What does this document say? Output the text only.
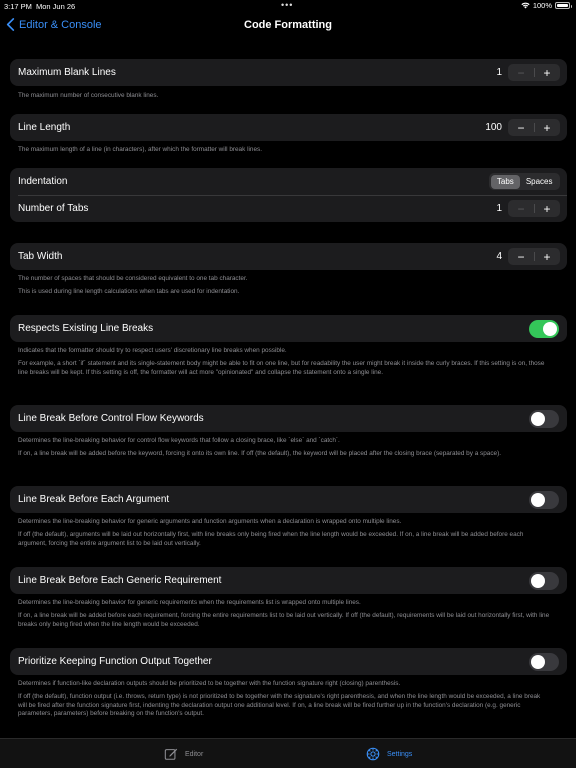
3:17 PM Mon Jun 26	•••	100%
Editor & Console	Code Formatting
Maximum Blank Lines	1	−	+

The maximum number of consecutive blank lines.

Line Length	100	−	+

The maximum length of a line (in characters), after which the formatter will break lines.

Indentation	Tabs	Spaces
Number of Tabs	1	−	+
Tab Width	4	−	+

The number of spaces that should be considered equivalent to one tab character.

This is used during line length calculations when tabs are used for indentation.

Respects Existing Line Breaks

Indicates that the formatter should try to respect users' discretionary line breaks when possible.

For example, a short `if` statement and its single-statement body might be able to fit on one line, but for readability the user might break it inside the curly braces. If this setting is on, those line breaks will be kept. If this setting is off, the formatter will act more "opinionated" and collapse the statement onto a single line.

Line Break Before Control Flow Keywords

Determines the line-breaking behavior for control flow keywords that follow a closing brace, like `else` and `catch`.

If on, a line break will be added before the keyword, forcing it onto its own line. If off (the default), the keyword will be placed after the closing brace (separated by a space).

Line Break Before Each Argument

Determines the line-breaking behavior for generic arguments and function arguments when a declaration is wrapped onto multiple lines.

If off (the default), arguments will be laid out horizontally first, with line breaks only being fired when the line length would be exceeded. If on, a line break will be added before each argument, forcing the entire argument list to be laid out vertically.

Line Break Before Each Generic Requirement

Determines the line-breaking behavior for generic requirements when the requirements list is wrapped onto multiple lines.

If on, a line break will be added before each requirement, forcing the entire requirements list to be laid out vertically. If off (the default), requirements will be laid out horizontally first, with line breaks only being fired when the line length would be exceeded.

Prioritize Keeping Function Output Together

Determines if function-like declaration outputs should be prioritized to be together with the function signature right (closing) parenthesis.

If off (the default), function output (i.e. throws, return type) is not prioritized to be together with the signature's right parenthesis, and when the line length would be exceeded, a line break will be fired after the function signature first, indenting the declaration output one additional level. If on, a line break will be fired further up in the function's declaration (e.g. generic parameters, parameters) before breaking on the function's output.

Editor	Settings
